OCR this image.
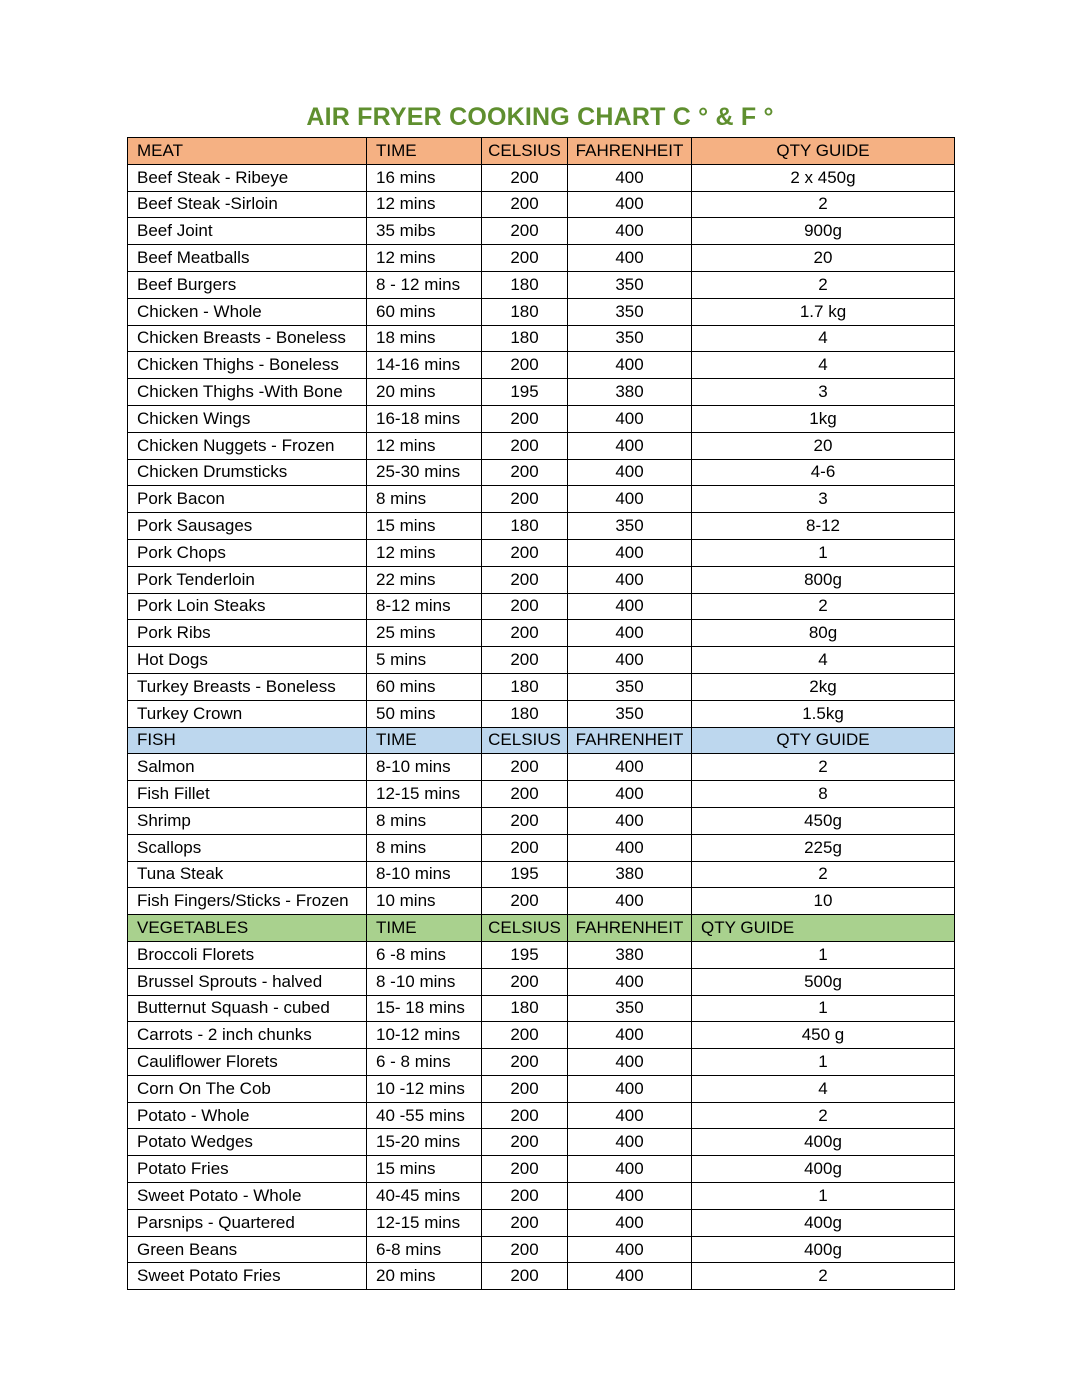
AIR FRYER COOKING CHART C ° & F °
MEAT	TIME	CELSIUS	FAHRENHEIT	QTY GUIDE
Beef Steak - Ribeye	16 mins	200	400	2 x 450g
Beef Steak -Sirloin	12 mins	200	400	2
Beef Joint	35 mibs	200	400	900g
Beef Meatballs	12 mins	200	400	20
Beef Burgers	8 - 12 mins	180	350	2
Chicken - Whole	60 mins	180	350	1.7 kg
Chicken Breasts - Boneless	18 mins	180	350	4
Chicken Thighs - Boneless	14-16 mins	200	400	4
Chicken Thighs -With Bone	20 mins	195	380	3
Chicken Wings	16-18 mins	200	400	1kg
Chicken Nuggets - Frozen	12 mins	200	400	20
Chicken Drumsticks	25-30 mins	200	400	4-6
Pork Bacon	8 mins	200	400	3
Pork Sausages	15 mins	180	350	8-12
Pork Chops	12 mins	200	400	1
Pork Tenderloin	22 mins	200	400	800g
Pork Loin Steaks	8-12 mins	200	400	2
Pork Ribs	25 mins	200	400	80g
Hot Dogs	5 mins	200	400	4
Turkey Breasts - Boneless	60 mins	180	350	2kg
Turkey Crown	50 mins	180	350	1.5kg
FISH	TIME	CELSIUS	FAHRENHEIT	QTY GUIDE
Salmon	8-10 mins	200	400	2
Fish Fillet	12-15 mins	200	400	8
Shrimp	8 mins	200	400	450g
Scallops	8 mins	200	400	225g
Tuna Steak	8-10 mins	195	380	2
Fish Fingers/Sticks - Frozen	10 mins	200	400	10
VEGETABLES	TIME	CELSIUS	FAHRENHEIT	QTY GUIDE
Broccoli Florets	6 -8 mins	195	380	1
Brussel Sprouts - halved	8 -10 mins	200	400	500g
Butternut Squash - cubed	15- 18 mins	180	350	1
Carrots - 2 inch chunks	10-12 mins	200	400	450 g
Cauliflower Florets	6 - 8 mins	200	400	1
Corn On The Cob	10 -12 mins	200	400	4
Potato - Whole	40 -55 mins	200	400	2
Potato Wedges	15-20 mins	200	400	400g
Potato Fries	15 mins	200	400	400g
Sweet Potato - Whole	40-45 mins	200	400	1
Parsnips - Quartered	12-15 mins	200	400	400g
Green Beans	6-8 mins	200	400	400g
Sweet Potato Fries	20 mins	200	400	2
